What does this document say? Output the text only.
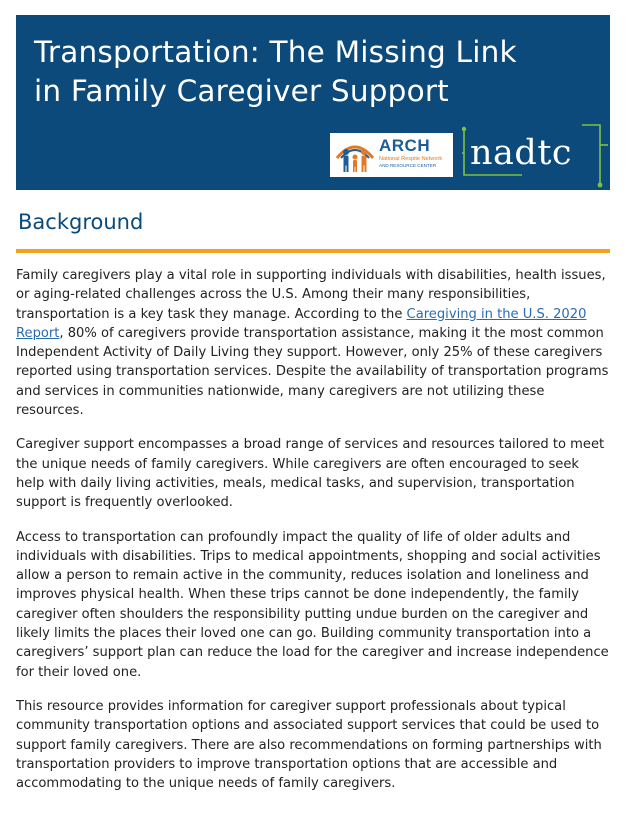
Transportation: The Missing Link
in Family Caregiver Support
ARCH
National Respite Network
AND RESOURCE CENTER nadtc
Background

Family caregivers play a vital role in supporting individuals with disabilities, health issues, or aging-related challenges across the U.S. Among their many responsibilities, transportation is a key task they manage. According to the Caregiving in the U.S. 2020 Report, 80% of caregivers provide transportation assistance, making it the most common Independent Activity of Daily Living they support. However, only 25% of these caregivers reported using transportation services. Despite the availability of transportation programs and services in communities nationwide, many caregivers are not utilizing these resources.

Caregiver support encompasses a broad range of services and resources tailored to meet the unique needs of family caregivers. While caregivers are often encouraged to seek help with daily living activities, meals, medical tasks, and supervision, transportation support is frequently overlooked.

Access to transportation can profoundly impact the quality of life of older adults and individuals with disabilities. Trips to medical appointments, shopping and social activities allow a person to remain active in the community, reduces isolation and loneliness and improves physical health. When these trips cannot be done independently, the family caregiver often shoulders the responsibility putting undue burden on the caregiver and likely limits the places their loved one can go. Building community transportation into a caregivers’ support plan can reduce the load for the caregiver and increase independence for their loved one.

This resource provides information for caregiver support professionals about typical community transportation options and associated support services that could be used to support family caregivers. There are also recommendations on forming partnerships with transportation providers to improve transportation options that are accessible and accommodating to the unique needs of family caregivers.
